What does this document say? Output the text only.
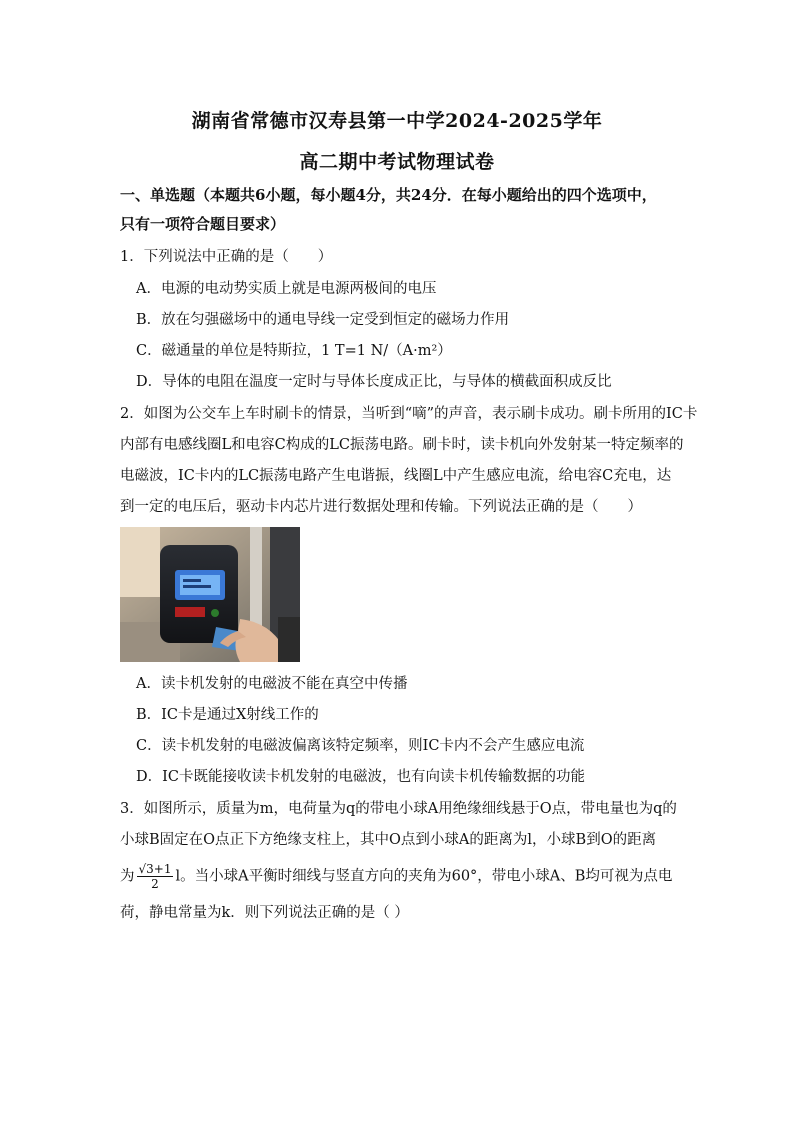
湖南省常德市汉寿县第一中学2024-2025学年
高二期中考试物理试卷
一、单选题（本题共6小题，每小题4分，共24分．在每小题给出的四个选项中，
只有一项符合题目要求）
1．下列说法中正确的是（　　）
A．电源的电动势实质上就是电源两极间的电压
B．放在匀强磁场中的通电导线一定受到恒定的磁场力作用
C．磁通量的单位是特斯拉，1 T=1 N/（A·m²）
D．导体的电阻在温度一定时与导体长度成正比，与导体的横截面积成反比
2．如图为公交车上车时刷卡的情景，当听到“嘀”的声音，表示刷卡成功。刷卡所用的IC卡
内部有电感线圈L和电容C构成的LC振荡电路。刷卡时，读卡机向外发射某一特定频率的
电磁波，IC卡内的LC振荡电路产生电谐振，线圈L中产生感应电流，给电容C充电，达
到一定的电压后，驱动卡内芯片进行数据处理和传输。下列说法正确的是（　　）
A．读卡机发射的电磁波不能在真空中传播
B．IC卡是通过X射线工作的
C．读卡机发射的电磁波偏离该特定频率，则IC卡内不会产生感应电流
D．IC卡既能接收读卡机发射的电磁波，也有向读卡机传输数据的功能
3．如图所示，质量为m，电荷量为q的带电小球A用绝缘细线悬于O点，带电量也为q的
小球B固定在O点正下方绝缘支柱上，其中O点到小球A的距离为l，小球B到O的距离
为 $\frac{√3+1}{2}$ l。当小球A平衡时细线与竖直方向的夹角为60°，带电小球A、B均可视为点电
荷，静电常量为k．则下列说法正确的是（ ）
